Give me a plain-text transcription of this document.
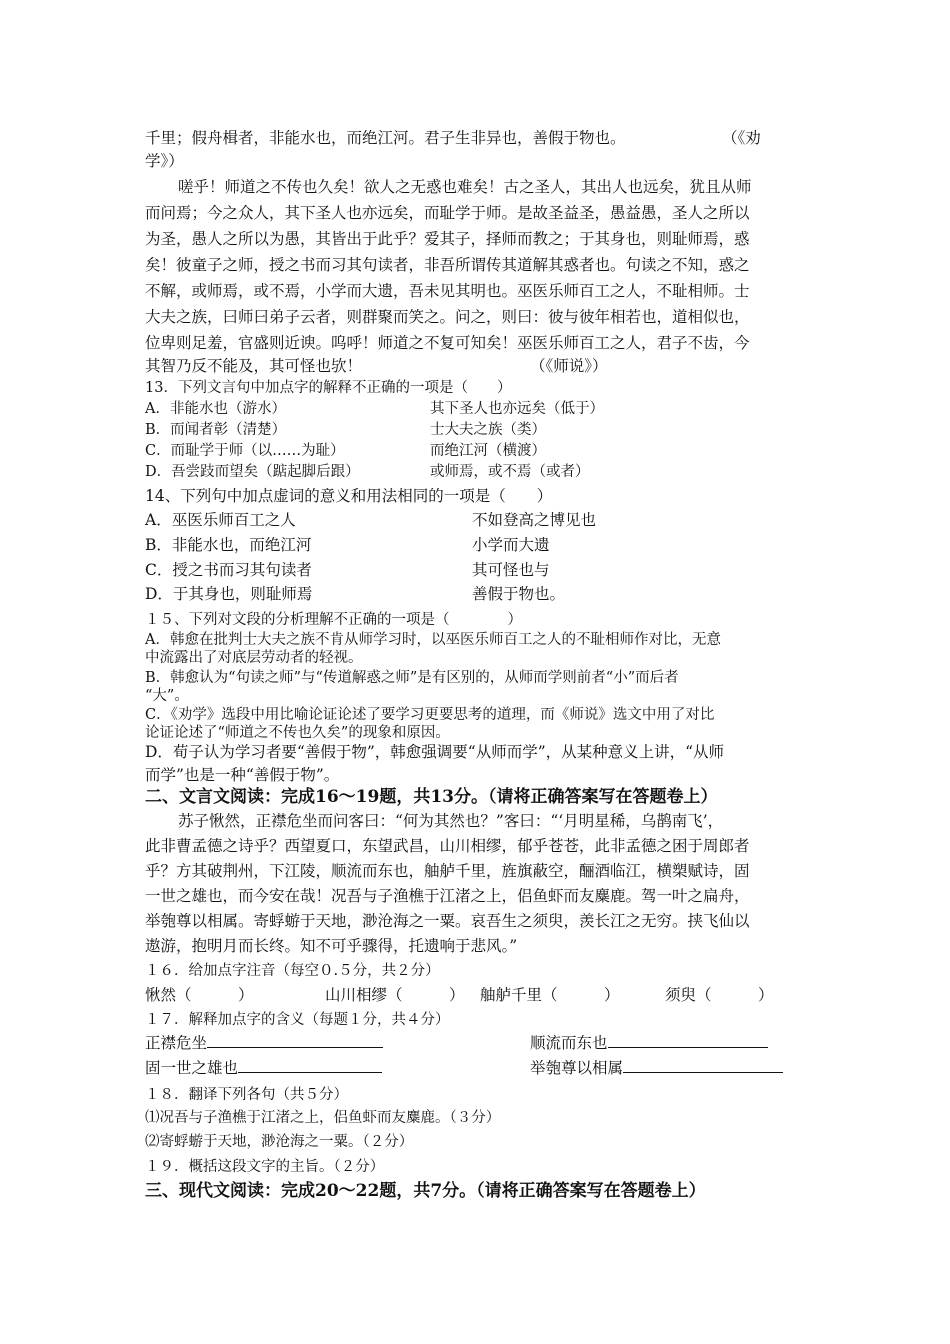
千里；假舟楫者，非能水也，而绝江河。君子生非异也，善假于物也。	（《劝
学》）
嗟乎！师道之不传也久矣！欲人之无惑也难矣！古之圣人，其出人也远矣，犹且从师
而问焉；今之众人，其下圣人也亦远矣，而耻学于师。是故圣益圣，愚益愚，圣人之所以
为圣，愚人之所以为愚，其皆出于此乎？爱其子，择师而教之；于其身也，则耻师焉，惑
矣！彼童子之师，授之书而习其句读者，非吾所谓传其道解其惑者也。句读之不知，惑之
不解，或师焉，或不焉，小学而大遗，吾未见其明也。巫医乐师百工之人，不耻相师。士
大夫之族，曰师曰弟子云者，则群聚而笑之。问之，则曰：彼与彼年相若也，道相似也，
位卑则足羞，官盛则近谀。呜呼！师道之不复可知矣！巫医乐师百工之人，君子不齿，今
其智乃反不能及，其可怪也欤！	（《师说》）
13．下列文言句中加点字的解释不正确的一项是（　　）
A．非能水也（游水）	其下圣人也亦远矣（低于）
B．而闻者彰（清楚）	士大夫之族（类）
C．而耻学于师（以……为耻）	而绝江河（横渡）
D．吾尝跂而望矣（踮起脚后跟）	或师焉，或不焉（或者）
14、下列句中加点虚词的意义和用法相同的一项是（　　）
A．巫医乐师百工之人	不如登高之博见也
B．非能水也，而绝江河	小学而大遗
C．授之书而习其句读者	其可怪也与
D．于其身也，则耻师焉	善假于物也。
１５、下列对文段的分析理解不正确的一项是（　　　　）
A．韩愈在批判士大夫之族不肯从师学习时，以巫医乐师百工之人的不耻相师作对比，无意
中流露出了对底层劳动者的轻视。
B．韩愈认为“句读之师”与“传道解惑之师”是有区别的，从师而学则前者“小”而后者
“大”。
C．《劝学》选段中用比喻论证论述了要学习更要思考的道理，而《师说》选文中用了对比
论证论述了“师道之不传也久矣”的现象和原因。
D．荀子认为学习者要“善假于物”，韩愈强调要“从师而学”，从某种意义上讲，“从师
而学”也是一种“善假于物”。
二、文言文阅读：完成16～19题，共13分。（请将正确答案写在答题卷上）
苏子愀然，正襟危坐而问客曰：“何为其然也？”客曰：“‘月明星稀，乌鹊南飞’，
此非曹孟德之诗乎？西望夏口，东望武昌，山川相缪，郁乎苍苍，此非孟德之困于周郎者
乎？方其破荆州，下江陵，顺流而东也，舳舻千里，旌旗蔽空，酾酒临江，横槊赋诗，固
一世之雄也，而今安在哉！况吾与子渔樵于江渚之上，侣鱼虾而友麋鹿。驾一叶之扁舟，
举匏尊以相属。寄蜉蝣于天地，渺沧海之一粟。哀吾生之须臾，羡长江之无穷。挟飞仙以
遨游，抱明月而长终。知不可乎骤得，托遗响于悲风。”
１６．给加点字注音（每空０.５分，共２分）
愀然（　　　）	山川相缪（　　　） 舳舻千里（　　　）	须臾（　　　）
１７．解释加点字的含义（每题１分，共４分）
正襟危坐	顺流而东也
固一世之雄也	举匏尊以相属
１８．翻译下列各句（共５分）
⑴况吾与子渔樵于江渚之上，侣鱼虾而友麋鹿。（３分）
⑵寄蜉蝣于天地，渺沧海之一粟。（２分）
１９．概括这段文字的主旨。（２分）
三、现代文阅读：完成20～22题，共7分。（请将正确答案写在答题卷上）
